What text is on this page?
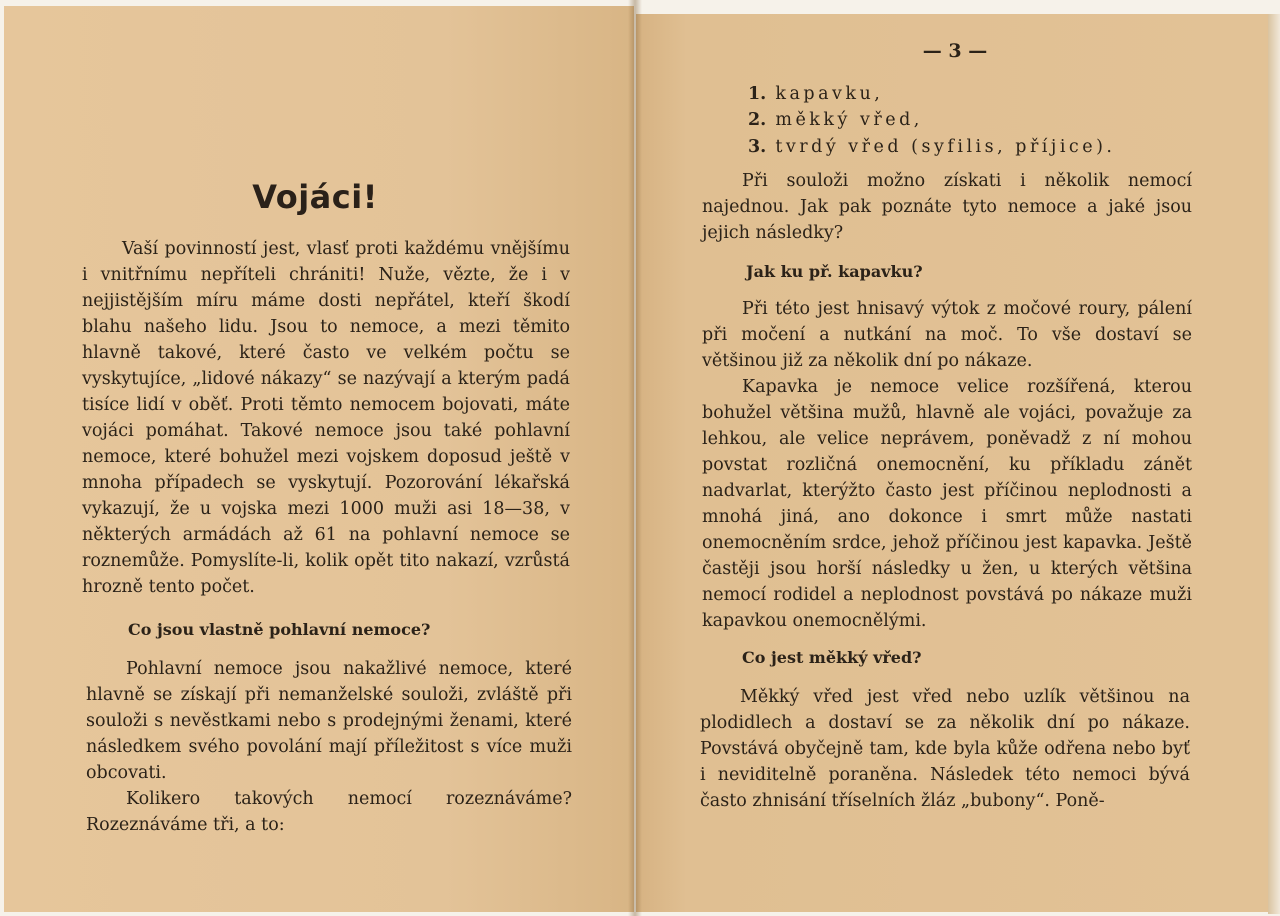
Vojáci!

Vaší povinností jest, vlasť proti každému vnějšímu i vnitřnímu nepříteli chrániti! Nuže, vězte, že i v nejjistějším míru máme dosti nepřátel, kteří škodí blahu našeho lidu. Jsou to nemoce, a mezi těmito hlavně takové, které často ve velkém počtu se vyskytujíce, „lidové nákazy“ se nazývají a kterým padá tisíce lidí v oběť. Proti těmto nemocem bojovati, máte vojáci pomáhat. Takové nemoce jsou také pohlavní nemoce, které bohužel mezi vojskem doposud ještě v mnoha případech se vyskytují. Pozorování lékařská vykazují, že u vojska mezi 1000 muži asi 18—38, v některých armádách až 61 na pohlavní nemoce se roznemůže. Pomyslíte-li, kolik opět tito nakazí, vzrůstá hrozně tento počet.

Co jsou vlastně pohlavní nemoce?

Pohlavní nemoce jsou nakažlivé nemoce, které hlavně se získají při nemanželské souloži, zvláště při souloži s nevěstkami nebo s prodejnými ženami, které následkem svého povolání mají příležitost s více muži obcovati.

Kolikero takových nemocí rozeznáváme? Rozeznáváme tři, a to:

— 3 —
1. kapavku,
2. měkký vřed,
3. tvrdý vřed (syfilis, příjice).

Při souloži možno získati i několik nemocí najednou. Jak pak poznáte tyto nemoce a jaké jsou jejich následky?

Jak ku př. kapavku?

Při této jest hnisavý výtok z močové roury, pálení při močení a nutkání na moč. To vše dostaví se většinou již za několik dní po nákaze.

Kapavka je nemoce velice rozšířená, kterou bohužel většina mužů, hlavně ale vojáci, považuje za lehkou, ale velice neprávem, poněvadž z ní mohou povstat rozličná onemocnění, ku příkladu zánět nadvarlat, kterýžto často jest příčinou neplodnosti a mnohá jiná, ano dokonce i smrt může nastati onemocněním srdce, jehož příčinou jest kapavka. Ještě častěji jsou horší následky u žen, u kterých většina nemocí rodidel a neplodnost povstává po nákaze muži kapavkou onemocnělými.

Co jest měkký vřed?

Měkký vřed jest vřed nebo uzlík většinou na plodidlech a dostaví se za několik dní po nákaze. Povstává obyčejně tam, kde byla kůže odřena nebo byť i neviditelně poraněna. Následek této nemoci bývá často zhnisání tříselních žláz „bubony“. Poně-
